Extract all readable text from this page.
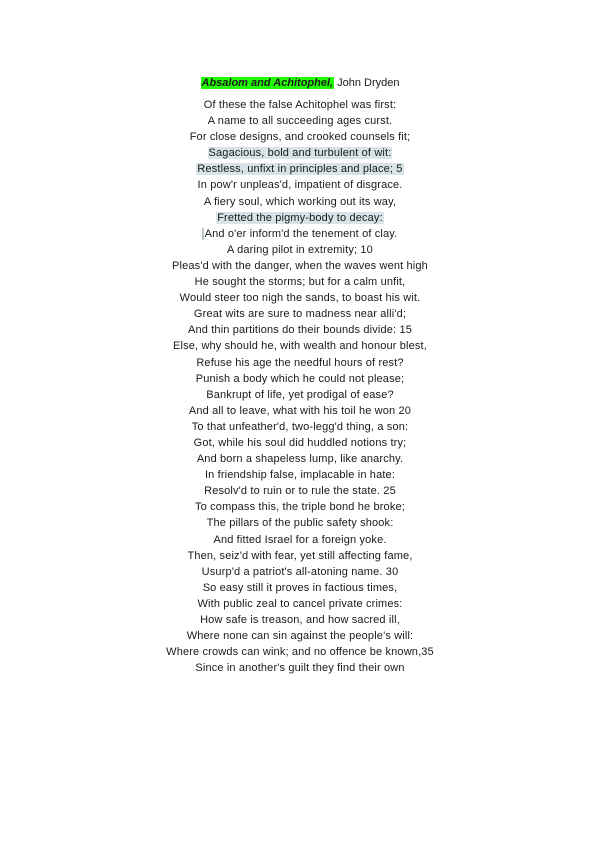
Absalom and Achitophel, John Dryden
Of these the false Achitophel was first:
A name to all succeeding ages curst.
For close designs, and crooked counsels fit;
Sagacious, bold and turbulent of wit:
Restless, unfixt in principles and place; 5
In pow'r unpleas'd, impatient of disgrace.
A fiery soul, which working out its way,
Fretted the pigmy-body to decay:
And o'er inform'd the tenement of clay.
A daring pilot in extremity; 10
Pleas'd with the danger, when the waves went high
He sought the storms; but for a calm unfit,
Would steer too nigh the sands, to boast his wit.
Great wits are sure to madness near alli'd;
And thin partitions do their bounds divide: 15
Else, why should he, with wealth and honour blest,
Refuse his age the needful hours of rest?
Punish a body which he could not please;
Bankrupt of life, yet prodigal of ease?
And all to leave, what with his toil he won 20
To that unfeather'd, two-legg'd thing, a son:
Got, while his soul did huddled notions try;
And born a shapeless lump, like anarchy.
In friendship false, implacable in hate:
Resolv'd to ruin or to rule the state. 25
To compass this, the triple bond he broke;
The pillars of the public safety shook:
And fitted Israel for a foreign yoke.
Then, seiz'd with fear, yet still affecting fame,
Usurp'd a patriot's all-atoning name. 30
So easy still it proves in factious times,
With public zeal to cancel private crimes:
How safe is treason, and how sacred ill,
Where none can sin against the people's will:
Where crowds can wink; and no offence be known,35
Since in another's guilt they find their own
